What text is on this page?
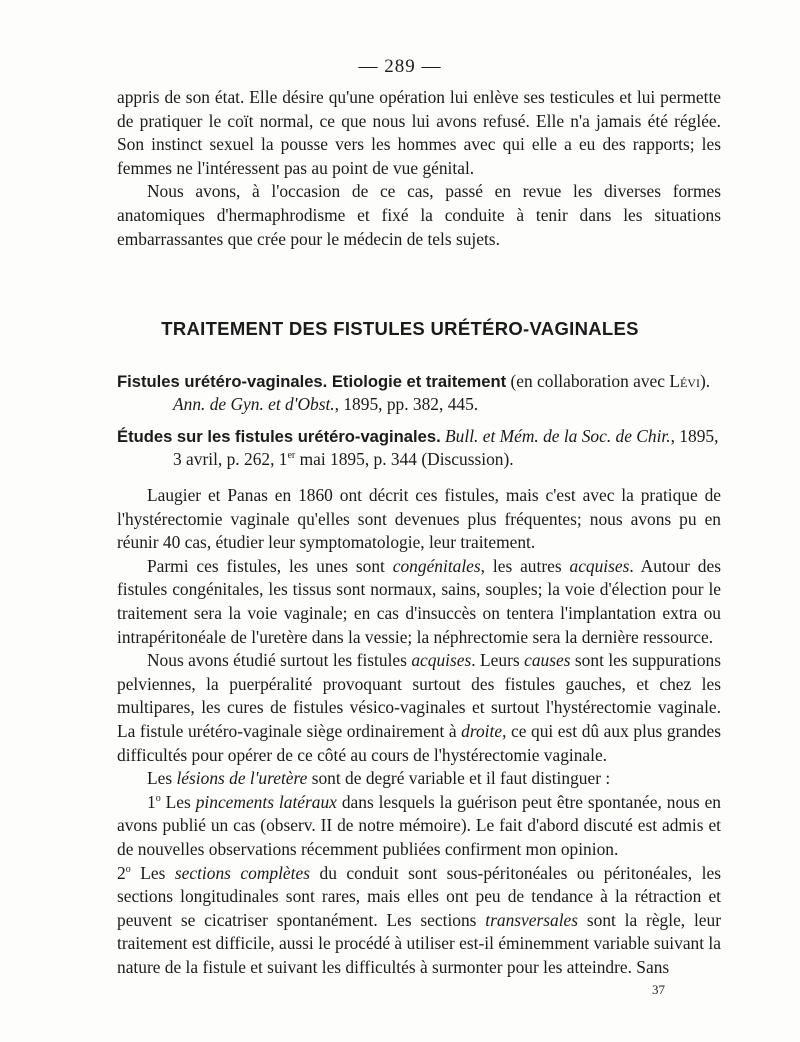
— 289 —

appris de son état. Elle désire qu'une opération lui enlève ses testicules et lui permette de pratiquer le coït normal, ce que nous lui avons refusé. Elle n'a jamais été réglée. Son instinct sexuel la pousse vers les hommes avec qui elle a eu des rapports; les femmes ne l'intéressent pas au point de vue génital.

Nous avons, à l'occasion de ce cas, passé en revue les diverses formes anatomiques d'hermaphrodisme et fixé la conduite à tenir dans les situations embarrassantes que crée pour le médecin de tels sujets.

TRAITEMENT DES FISTULES URÉTÉRO-VAGINALES
Fistules urétéro-vaginales. Etiologie et traitement (en collaboration avec Lévi). Ann. de Gyn. et d'Obst., 1895, pp. 382, 445.
Études sur les fistules urétéro-vaginales. Bull. et Mém. de la Soc. de Chir., 1895, 3 avril, p. 262, 1er mai 1895, p. 344 (Discussion).

Laugier et Panas en 1860 ont décrit ces fistules, mais c'est avec la pratique de l'hystérectomie vaginale qu'elles sont devenues plus fréquentes; nous avons pu en réunir 40 cas, étudier leur symptomatologie, leur traitement.

Parmi ces fistules, les unes sont congénitales, les autres acquises. Autour des fistules congénitales, les tissus sont normaux, sains, souples; la voie d'élection pour le traitement sera la voie vaginale; en cas d'insuccès on tentera l'implantation extra ou intrapéritonéale de l'uretère dans la vessie; la néphrectomie sera la dernière ressource.

Nous avons étudié surtout les fistules acquises. Leurs causes sont les suppurations pelviennes, la puerpéralité provoquant surtout des fistules gauches, et chez les multipares, les cures de fistules vésico-vaginales et surtout l'hystérectomie vaginale. La fistule urétéro-vaginale siège ordinairement à droite, ce qui est dû aux plus grandes difficultés pour opérer de ce côté au cours de l'hystérectomie vaginale.

Les lésions de l'uretère sont de degré variable et il faut distinguer :

1$^o$ Les pincements latéraux dans lesquels la guérison peut être spontanée, nous en avons publié un cas (observ. II de notre mémoire). Le fait d'abord discuté est admis et de nouvelles observations récemment publiées confirment mon opinion.

2$^o$ Les sections complètes du conduit sont sous-péritonéales ou péritonéales, les sections longitudinales sont rares, mais elles ont peu de tendance à la rétraction et peuvent se cicatriser spontanément. Les sections transversales sont la règle, leur traitement est difficile, aussi le procédé à utiliser est-il éminemment variable suivant la nature de la fistule et suivant les difficultés à surmonter pour les atteindre. Sans

37
